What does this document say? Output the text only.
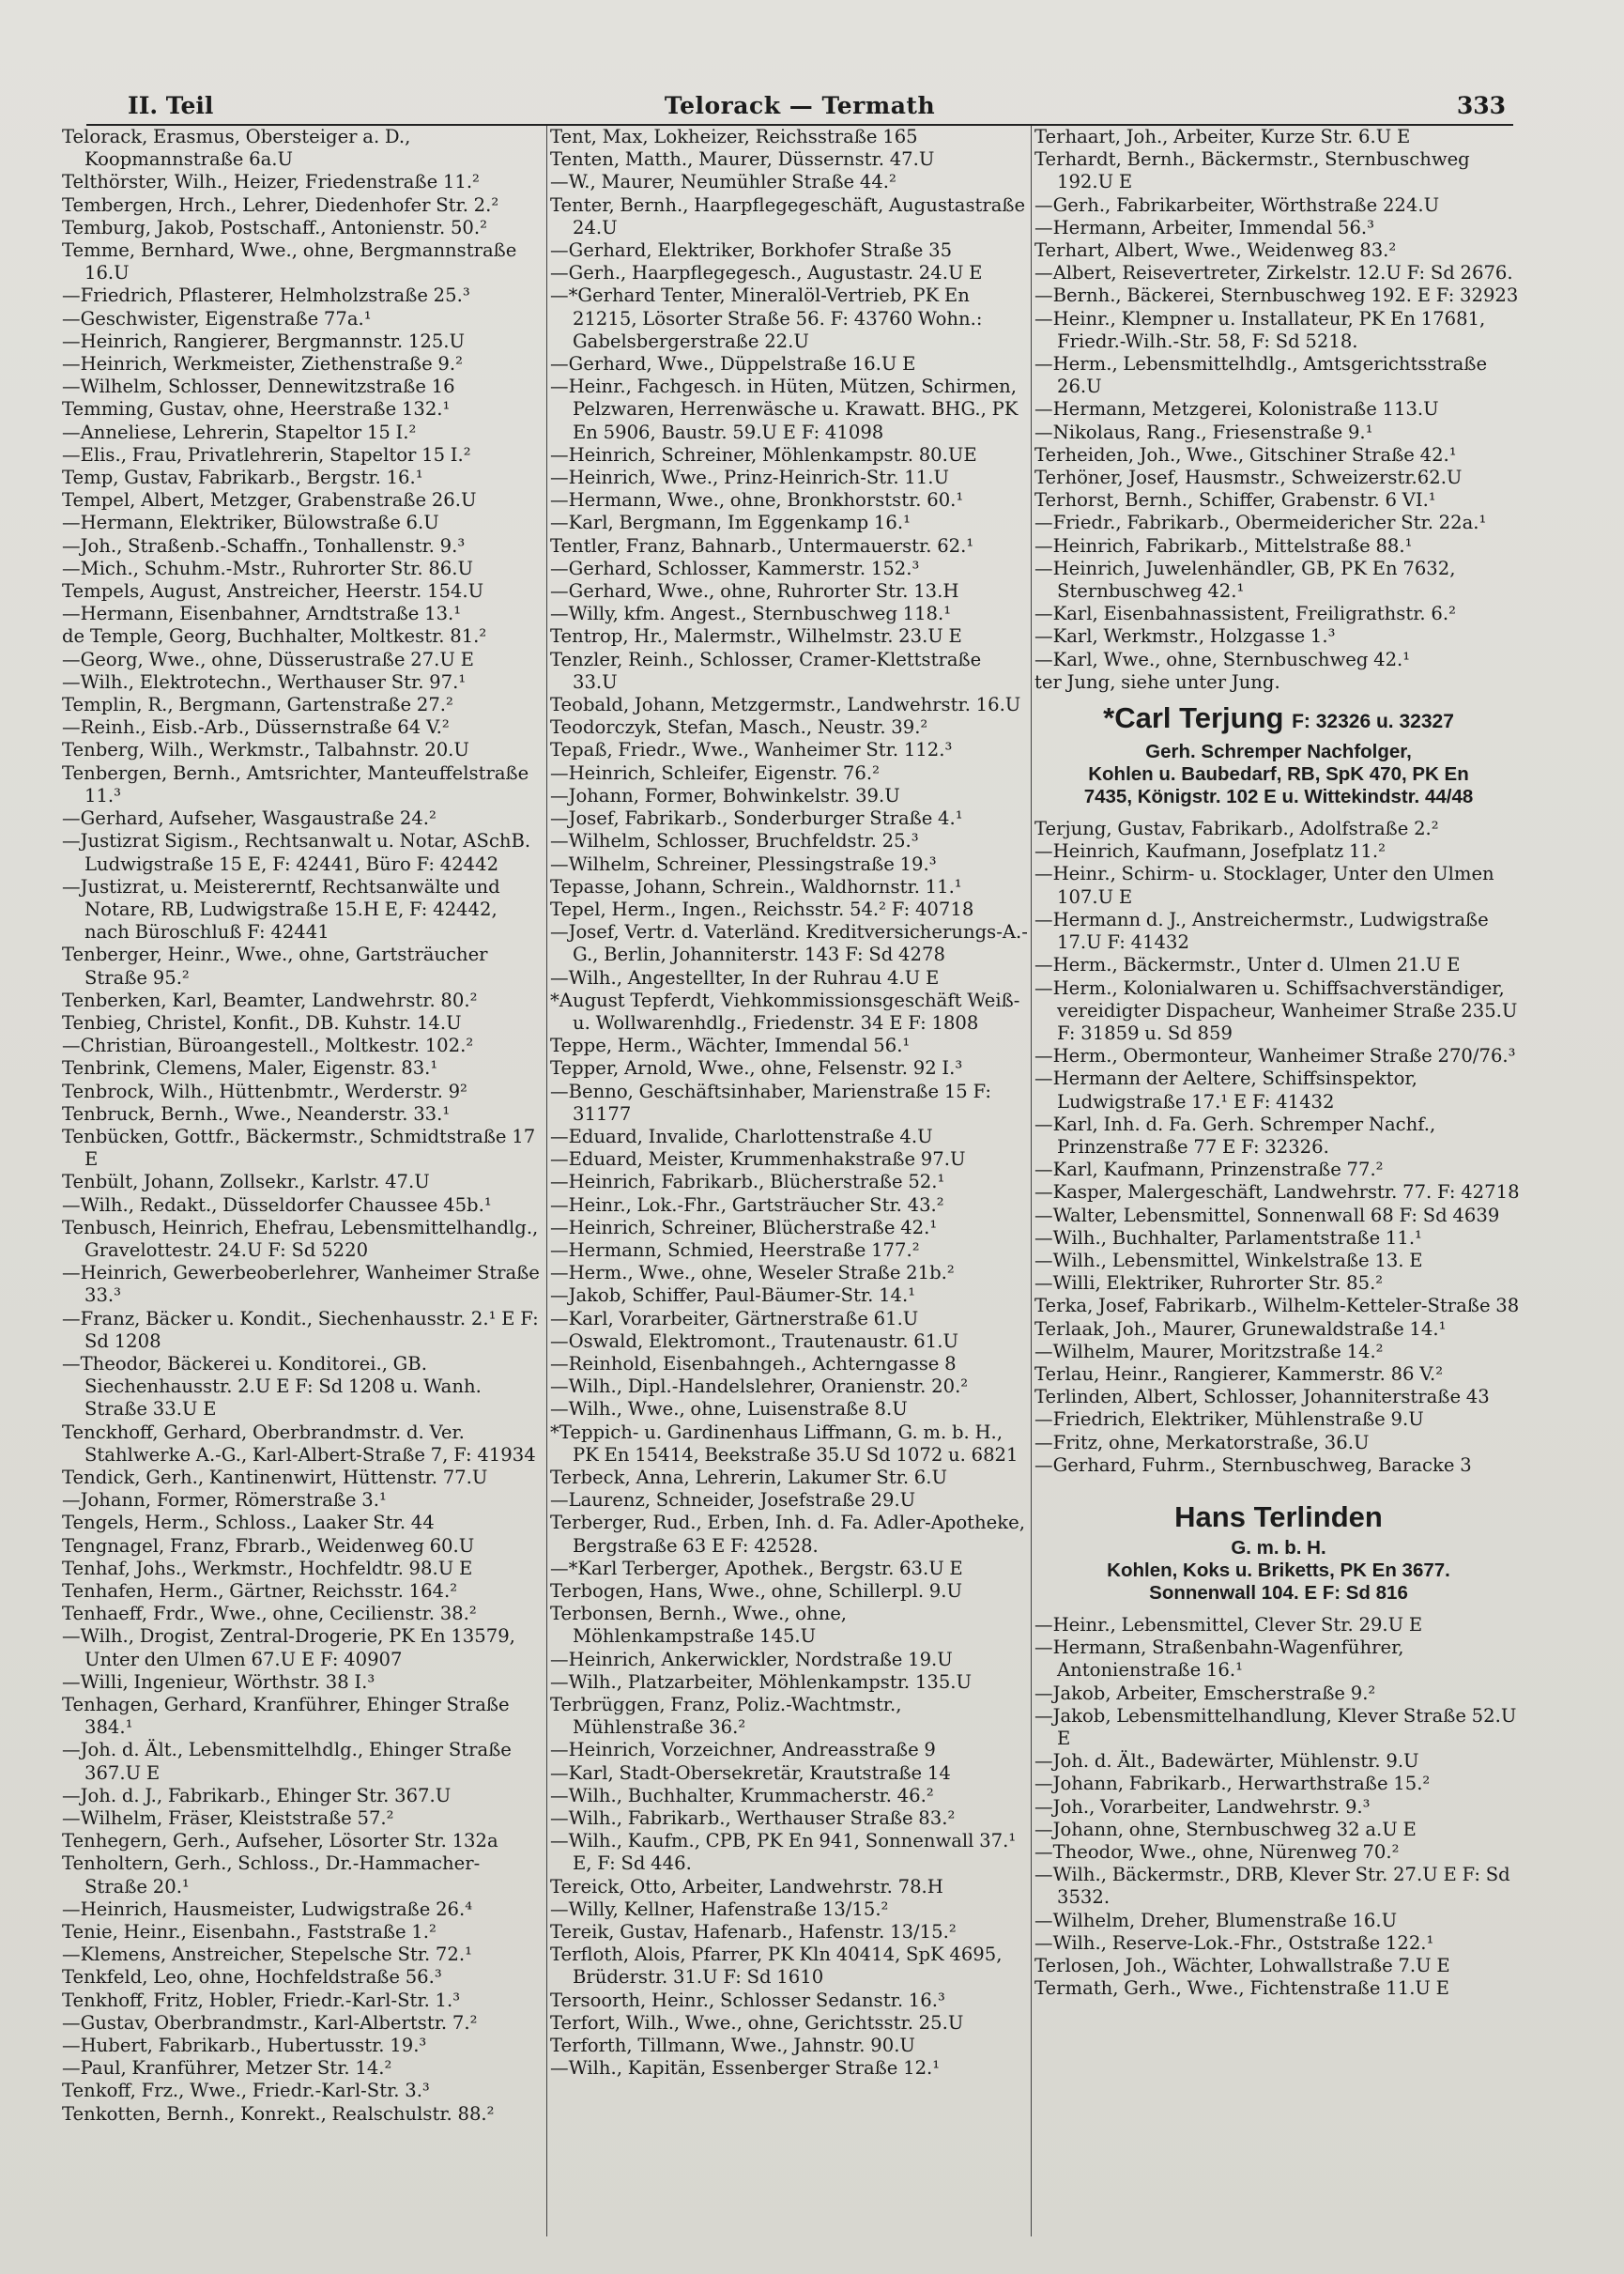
II. Teil	Telorack — Termath	333

Telorack, Erasmus, Obersteiger a. D., Koopmannstraße 6a.U

Telthörster, Wilh., Heizer, Friedenstraße 11.²

Tembergen, Hrch., Lehrer, Diedenhofer Str. 2.²

Temburg, Jakob, Postschaff., Antonienstr. 50.²

Temme, Bernhard, Wwe., ohne, Bergmannstraße 16.U

—Friedrich, Pflasterer, Helmholzstraße 25.³

—Geschwister, Eigenstraße 77a.¹

—Heinrich, Rangierer, Bergmannstr. 125.U

—Heinrich, Werkmeister, Ziethenstraße 9.²

—Wilhelm, Schlosser, Dennewitzstraße 16

Temming, Gustav, ohne, Heerstraße 132.¹

—Anneliese, Lehrerin, Stapeltor 15 I.²

—Elis., Frau, Privatlehrerin, Stapeltor 15 I.²

Temp, Gustav, Fabrikarb., Bergstr. 16.¹

Tempel, Albert, Metzger, Grabenstraße 26.U

—Hermann, Elektriker, Bülowstraße 6.U

—Joh., Straßenb.-Schaffn., Tonhallenstr. 9.³

—Mich., Schuhm.-Mstr., Ruhrorter Str. 86.U

Tempels, August, Anstreicher, Heerstr. 154.U

—Hermann, Eisenbahner, Arndtstraße 13.¹

de Temple, Georg, Buchhalter, Moltkestr. 81.²

—Georg, Wwe., ohne, Düsserustraße 27.U E

—Wilh., Elektrotechn., Werthauser Str. 97.¹

Templin, R., Bergmann, Gartenstraße 27.²

—Reinh., Eisb.-Arb., Düssernstraße 64 V.²

Tenberg, Wilh., Werkmstr., Talbahnstr. 20.U

Tenbergen, Bernh., Amtsrichter, Manteuffelstraße 11.³

—Gerhard, Aufseher, Wasgaustraße 24.²

—Justizrat Sigism., Rechtsanwalt u. Notar, ASchB. Ludwigstraße 15 E, F: 42441, Büro F: 42442

—Justizrat, u. Meistererntf, Rechtsanwälte und Notare, RB, Ludwigstraße 15.H E, F: 42442, nach Büroschluß F: 42441

Tenberger, Heinr., Wwe., ohne, Gartsträucher Straße 95.²

Tenberken, Karl, Beamter, Landwehrstr. 80.²

Tenbieg, Christel, Konfit., DB. Kuhstr. 14.U

—Christian, Büroangestell., Moltkestr. 102.²

Tenbrink, Clemens, Maler, Eigenstr. 83.¹

Tenbrock, Wilh., Hüttenbmtr., Werderstr. 9²

Tenbruck, Bernh., Wwe., Neanderstr. 33.¹

Tenbücken, Gottfr., Bäckermstr., Schmidtstraße 17 E

Tenbült, Johann, Zollsekr., Karlstr. 47.U

—Wilh., Redakt., Düsseldorfer Chaussee 45b.¹

Tenbusch, Heinrich, Ehefrau, Lebensmittelhandlg., Gravelottestr. 24.U F: Sd 5220

—Heinrich, Gewerbeoberlehrer, Wanheimer Straße 33.³

—Franz, Bäcker u. Kondit., Siechenhausstr. 2.¹ E F: Sd 1208

—Theodor, Bäckerei u. Konditorei., GB. Siechenhausstr. 2.U E F: Sd 1208 u. Wanh. Straße 33.U E

Tenckhoff, Gerhard, Oberbrandmstr. d. Ver. Stahlwerke A.-G., Karl-Albert-Straße 7, F: 41934

Tendick, Gerh., Kantinenwirt, Hüttenstr. 77.U

—Johann, Former, Römerstraße 3.¹

Tengels, Herm., Schloss., Laaker Str. 44

Tengnagel, Franz, Fbrarb., Weidenweg 60.U

Tenhaf, Johs., Werkmstr., Hochfeldtr. 98.U E

Tenhafen, Herm., Gärtner, Reichsstr. 164.²

Tenhaeff, Frdr., Wwe., ohne, Cecilienstr. 38.²

—Wilh., Drogist, Zentral-Drogerie, PK En 13579, Unter den Ulmen 67.U E F: 40907

—Willi, Ingenieur, Wörthstr. 38 I.³

Tenhagen, Gerhard, Kranführer, Ehinger Straße 384.¹

—Joh. d. Ält., Lebensmittelhdlg., Ehinger Straße 367.U E

—Joh. d. J., Fabrikarb., Ehinger Str. 367.U

—Wilhelm, Fräser, Kleiststraße 57.²

Tenhegern, Gerh., Aufseher, Lösorter Str. 132a

Tenholtern, Gerh., Schloss., Dr.-Hammacher-Straße 20.¹

—Heinrich, Hausmeister, Ludwigstraße 26.⁴

Tenie, Heinr., Eisenbahn., Faststraße 1.²

—Klemens, Anstreicher, Stepelsche Str. 72.¹

Tenkfeld, Leo, ohne, Hochfeldstraße 56.³

Tenkhoff, Fritz, Hobler, Friedr.-Karl-Str. 1.³

—Gustav, Oberbrandmstr., Karl-Albertstr. 7.²

—Hubert, Fabrikarb., Hubertusstr. 19.³

—Paul, Kranführer, Metzer Str. 14.²

Tenkoff, Frz., Wwe., Friedr.-Karl-Str. 3.³

Tenkotten, Bernh., Konrekt., Realschulstr. 88.²

Tent, Max, Lokheizer, Reichsstraße 165

Tenten, Matth., Maurer, Düssernstr. 47.U

—W., Maurer, Neumühler Straße 44.²

Tenter, Bernh., Haarpflegegeschäft, Augustastraße 24.U

—Gerhard, Elektriker, Borkhofer Straße 35

—Gerh., Haarpflegegesch., Augustastr. 24.U E

—*Gerhard Tenter, Mineralöl-Vertrieb, PK En 21215, Lösorter Straße 56. F: 43760 Wohn.: Gabelsbergerstraße 22.U

—Gerhard, Wwe., Düppelstraße 16.U E

—Heinr., Fachgesch. in Hüten, Mützen, Schirmen, Pelzwaren, Herrenwäsche u. Krawatt. BHG., PK En 5906, Baustr. 59.U E F: 41098

—Heinrich, Schreiner, Möhlenkampstr. 80.UE

—Heinrich, Wwe., Prinz-Heinrich-Str. 11.U

—Hermann, Wwe., ohne, Bronkhorststr. 60.¹

—Karl, Bergmann, Im Eggenkamp 16.¹

Tentler, Franz, Bahnarb., Untermauerstr. 62.¹

—Gerhard, Schlosser, Kammerstr. 152.³

—Gerhard, Wwe., ohne, Ruhrorter Str. 13.H

—Willy, kfm. Angest., Sternbuschweg 118.¹

Tentrop, Hr., Malermstr., Wilhelmstr. 23.U E

Tenzler, Reinh., Schlosser, Cramer-Klettstraße 33.U

Teobald, Johann, Metzgermstr., Landwehrstr. 16.U

Teodorczyk, Stefan, Masch., Neustr. 39.²

Tepaß, Friedr., Wwe., Wanheimer Str. 112.³

—Heinrich, Schleifer, Eigenstr. 76.²

—Johann, Former, Bohwinkelstr. 39.U

—Josef, Fabrikarb., Sonderburger Straße 4.¹

—Wilhelm, Schlosser, Bruchfeldstr. 25.³

—Wilhelm, Schreiner, Plessingstraße 19.³

Tepasse, Johann, Schrein., Waldhornstr. 11.¹

Tepel, Herm., Ingen., Reichsstr. 54.² F: 40718

—Josef, Vertr. d. Vaterländ. Kreditversicherungs-A.-G., Berlin, Johanniterstr. 143 F: Sd 4278

—Wilh., Angestellter, In der Ruhrau 4.U E

*August Tepferdt, Viehkommissionsgeschäft Weiß- u. Wollwarenhdlg., Friedenstr. 34 E F: 1808

Teppe, Herm., Wächter, Immendal 56.¹

Tepper, Arnold, Wwe., ohne, Felsenstr. 92 I.³

—Benno, Geschäftsinhaber, Marienstraße 15 F: 31177

—Eduard, Invalide, Charlottenstraße 4.U

—Eduard, Meister, Krummenhakstraße 97.U

—Heinrich, Fabrikarb., Blücherstraße 52.¹

—Heinr., Lok.-Fhr., Gartsträucher Str. 43.²

—Heinrich, Schreiner, Blücherstraße 42.¹

—Hermann, Schmied, Heerstraße 177.²

—Herm., Wwe., ohne, Weseler Straße 21b.²

—Jakob, Schiffer, Paul-Bäumer-Str. 14.¹

—Karl, Vorarbeiter, Gärtnerstraße 61.U

—Oswald, Elektromont., Trautenaustr. 61.U

—Reinhold, Eisenbahngeh., Achterngasse 8

—Wilh., Dipl.-Handelslehrer, Oranienstr. 20.²

—Wilh., Wwe., ohne, Luisenstraße 8.U

*Teppich- u. Gardinenhaus Liffmann, G. m. b. H., PK En 15414, Beekstraße 35.U Sd 1072 u. 6821

Terbeck, Anna, Lehrerin, Lakumer Str. 6.U

—Laurenz, Schneider, Josefstraße 29.U

Terberger, Rud., Erben, Inh. d. Fa. Adler-Apotheke, Bergstraße 63 E F: 42528.

—*Karl Terberger, Apothek., Bergstr. 63.U E

Terbogen, Hans, Wwe., ohne, Schillerpl. 9.U

Terbonsen, Bernh., Wwe., ohne, Möhlenkampstraße 145.U

—Heinrich, Ankerwickler, Nordstraße 19.U

—Wilh., Platzarbeiter, Möhlenkampstr. 135.U

Terbrüggen, Franz, Poliz.-Wachtmstr., Mühlenstraße 36.²

—Heinrich, Vorzeichner, Andreasstraße 9

—Karl, Stadt-Obersekretär, Krautstraße 14

—Wilh., Buchhalter, Krummacherstr. 46.²

—Wilh., Fabrikarb., Werthauser Straße 83.²

—Wilh., Kaufm., CPB, PK En 941, Sonnenwall 37.¹ E, F: Sd 446.

Tereick, Otto, Arbeiter, Landwehrstr. 78.H

—Willy, Kellner, Hafenstraße 13/15.²

Tereik, Gustav, Hafenarb., Hafenstr. 13/15.²

Terfloth, Alois, Pfarrer, PK Kln 40414, SpK 4695, Brüderstr. 31.U F: Sd 1610

Tersoorth, Heinr., Schlosser Sedanstr. 16.³

Terfort, Wilh., Wwe., ohne, Gerichtsstr. 25.U

Terforth, Tillmann, Wwe., Jahnstr. 90.U

—Wilh., Kapitän, Essenberger Straße 12.¹

Terhaart, Joh., Arbeiter, Kurze Str. 6.U E

Terhardt, Bernh., Bäckermstr., Sternbuschweg 192.U E

—Gerh., Fabrikarbeiter, Wörthstraße 224.U

—Hermann, Arbeiter, Immendal 56.³

Terhart, Albert, Wwe., Weidenweg 83.²

—Albert, Reisevertreter, Zirkelstr. 12.U F: Sd 2676.

—Bernh., Bäckerei, Sternbuschweg 192. E F: 32923

—Heinr., Klempner u. Installateur, PK En 17681, Friedr.-Wilh.-Str. 58, F: Sd 5218.

—Herm., Lebensmittelhdlg., Amtsgerichtsstraße 26.U

—Hermann, Metzgerei, Kolonistraße 113.U

—Nikolaus, Rang., Friesenstraße 9.¹

Terheiden, Joh., Wwe., Gitschiner Straße 42.¹

Terhöner, Josef, Hausmstr., Schweizerstr.62.U

Terhorst, Bernh., Schiffer, Grabenstr. 6 VI.¹

—Friedr., Fabrikarb., Obermeidericher Str. 22a.¹

—Heinrich, Fabrikarb., Mittelstraße 88.¹

—Heinrich, Juwelenhändler, GB, PK En 7632, Sternbuschweg 42.¹

—Karl, Eisenbahnassistent, Freiligrathstr. 6.²

—Karl, Werkmstr., Holzgasse 1.³

—Karl, Wwe., ohne, Sternbuschweg 42.¹

ter Jung, siehe unter Jung.

*Carl Terjung F: 32326 u. 32327
Gerh. Schremper Nachfolger,
Kohlen u. Baubedarf, RB, SpK 470, PK En
7435, Königstr. 102 E u. Wittekindstr. 44/48

Terjung, Gustav, Fabrikarb., Adolfstraße 2.²

—Heinrich, Kaufmann, Josefplatz 11.²

—Heinr., Schirm- u. Stocklager, Unter den Ulmen 107.U E

—Hermann d. J., Anstreichermstr., Ludwigstraße 17.U F: 41432

—Herm., Bäckermstr., Unter d. Ulmen 21.U E

—Herm., Kolonialwaren u. Schiffsachverständiger, vereidigter Dispacheur, Wanheimer Straße 235.U F: 31859 u. Sd 859

—Herm., Obermonteur, Wanheimer Straße 270/76.³

—Hermann der Aeltere, Schiffsinspektor, Ludwigstraße 17.¹ E F: 41432

—Karl, Inh. d. Fa. Gerh. Schremper Nachf., Prinzenstraße 77 E F: 32326.

—Karl, Kaufmann, Prinzenstraße 77.²

—Kasper, Malergeschäft, Landwehrstr. 77. F: 42718

—Walter, Lebensmittel, Sonnenwall 68 F: Sd 4639

—Wilh., Buchhalter, Parlamentstraße 11.¹

—Wilh., Lebensmittel, Winkelstraße 13. E

—Willi, Elektriker, Ruhrorter Str. 85.²

Terka, Josef, Fabrikarb., Wilhelm-Ketteler-Straße 38

Terlaak, Joh., Maurer, Grunewaldstraße 14.¹

—Wilhelm, Maurer, Moritzstraße 14.²

Terlau, Heinr., Rangierer, Kammerstr. 86 V.²

Terlinden, Albert, Schlosser, Johanniterstraße 43

—Friedrich, Elektriker, Mühlenstraße 9.U

—Fritz, ohne, Merkatorstraße, 36.U

—Gerhard, Fuhrm., Sternbuschweg, Baracke 3

Hans Terlinden
G. m. b. H.
Kohlen, Koks u. Briketts, PK En 3677.
Sonnenwall 104. E F: Sd 816

—Heinr., Lebensmittel, Clever Str. 29.U E

—Hermann, Straßenbahn-Wagenführer, Antonienstraße 16.¹

—Jakob, Arbeiter, Emscherstraße 9.²

—Jakob, Lebensmittelhandlung, Klever Straße 52.U E

—Joh. d. Ält., Badewärter, Mühlenstr. 9.U

—Johann, Fabrikarb., Herwarthstraße 15.²

—Joh., Vorarbeiter, Landwehrstr. 9.³

—Johann, ohne, Sternbuschweg 32 a.U E

—Theodor, Wwe., ohne, Nürenweg 70.²

—Wilh., Bäckermstr., DRB, Klever Str. 27.U E F: Sd 3532.

—Wilhelm, Dreher, Blumenstraße 16.U

—Wilh., Reserve-Lok.-Fhr., Oststraße 122.¹

Terlosen, Joh., Wächter, Lohwallstraße 7.U E

Termath, Gerh., Wwe., Fichtenstraße 11.U E
